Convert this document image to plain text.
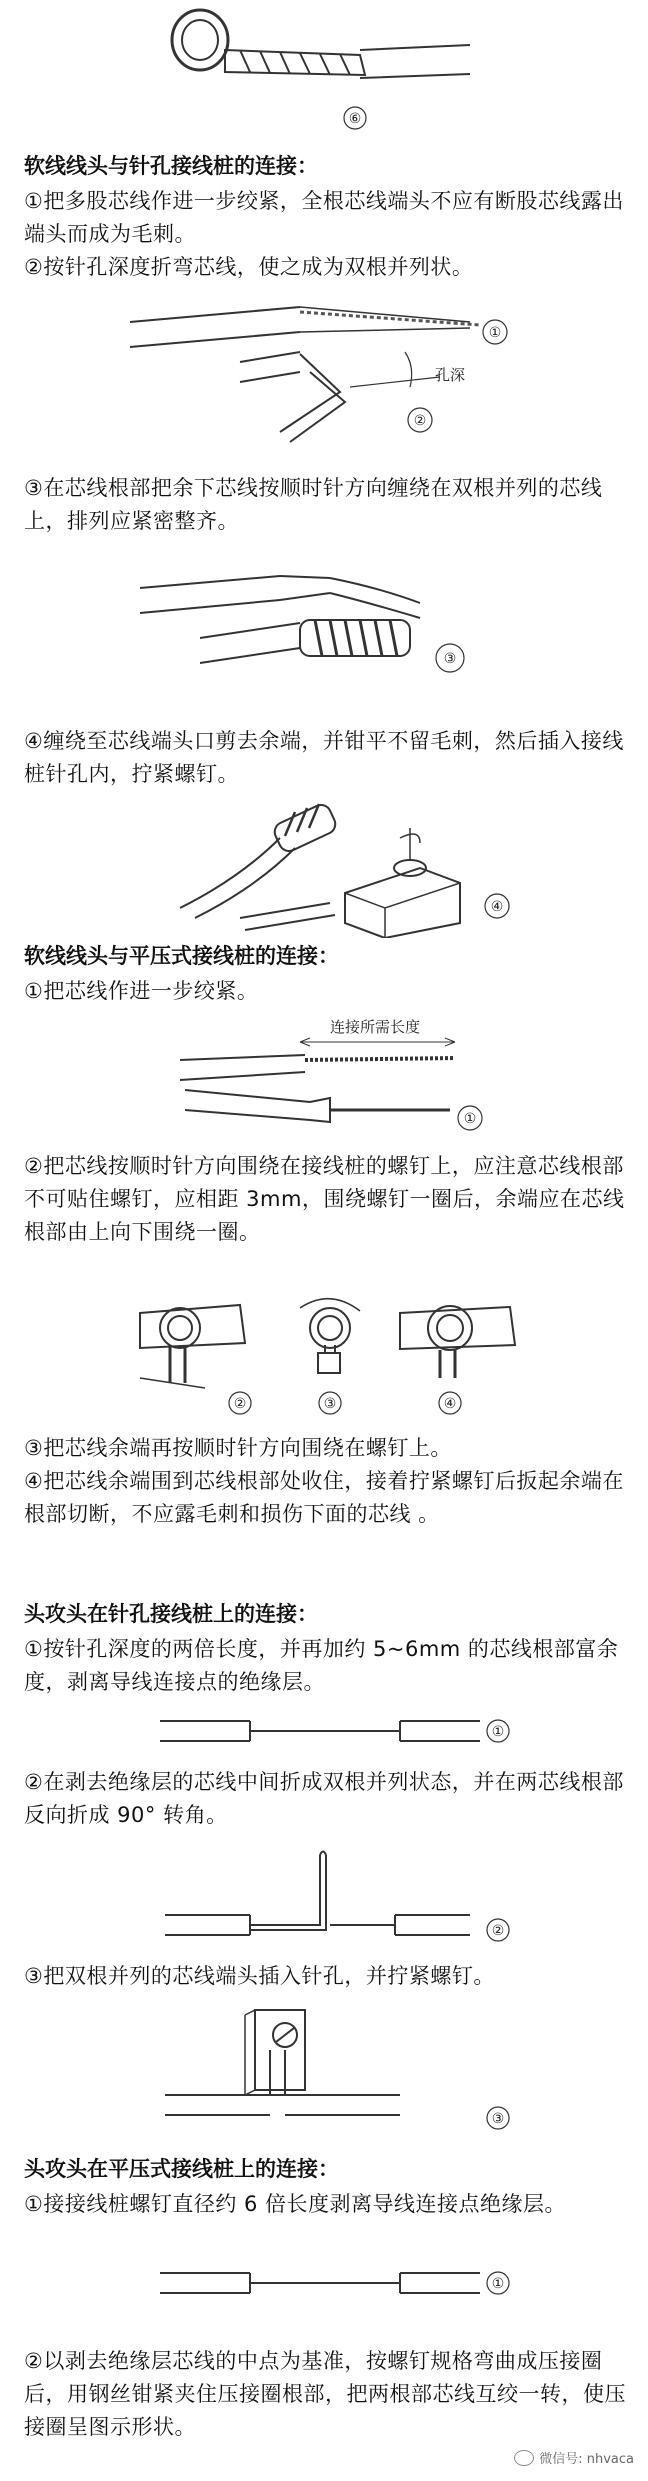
⑥
软线线头与针孔接线桩的连接：
①把多股芯线作进一步绞紧，全根芯线端头不应有断股芯线露出端头而成为毛刺。
②按针孔深度折弯芯线，使之成为双根并列状。
①
孔深
②
③在芯线根部把余下芯线按顺时针方向缠绕在双根并列的芯线上，排列应紧密整齐。
③
④缠绕至芯线端头口剪去余端，并钳平不留毛刺，然后插入接线桩针孔内，拧紧螺钉。
④
软线线头与平压式接线桩的连接：
①把芯线作进一步绞紧。
连接所需长度
①
②把芯线按顺时针方向围绕在接线桩的螺钉上，应注意芯线根部不可贴住螺钉，应相距 3mm，围绕螺钉一圈后，余端应在芯线根部由上向下围绕一圈。
②	③	④
③把芯线余端再按顺时针方向围绕在螺钉上。
④把芯线余端围到芯线根部处收住，接着拧紧螺钉后扳起余端在根部切断，不应露毛刺和损伤下面的芯线 。
头攻头在针孔接线桩上的连接：
①按针孔深度的两倍长度，并再加约 5~6mm 的芯线根部富余度，剥离导线连接点的绝缘层。
①
②在剥去绝缘层的芯线中间折成双根并列状态，并在两芯线根部反向折成 90° 转角。
②
③把双根并列的芯线端头插入针孔，并拧紧螺钉。
③
头攻头在平压式接线桩上的连接：
①接接线桩螺钉直径约 6 倍长度剥离导线连接点绝缘层。
①
②以剥去绝缘层芯线的中点为基准，按螺钉规格弯曲成压接圈后，用钢丝钳紧夹住压接圈根部，把两根部芯线互绞一转，使压接圈呈图示形状。
微信号: nhvaca
